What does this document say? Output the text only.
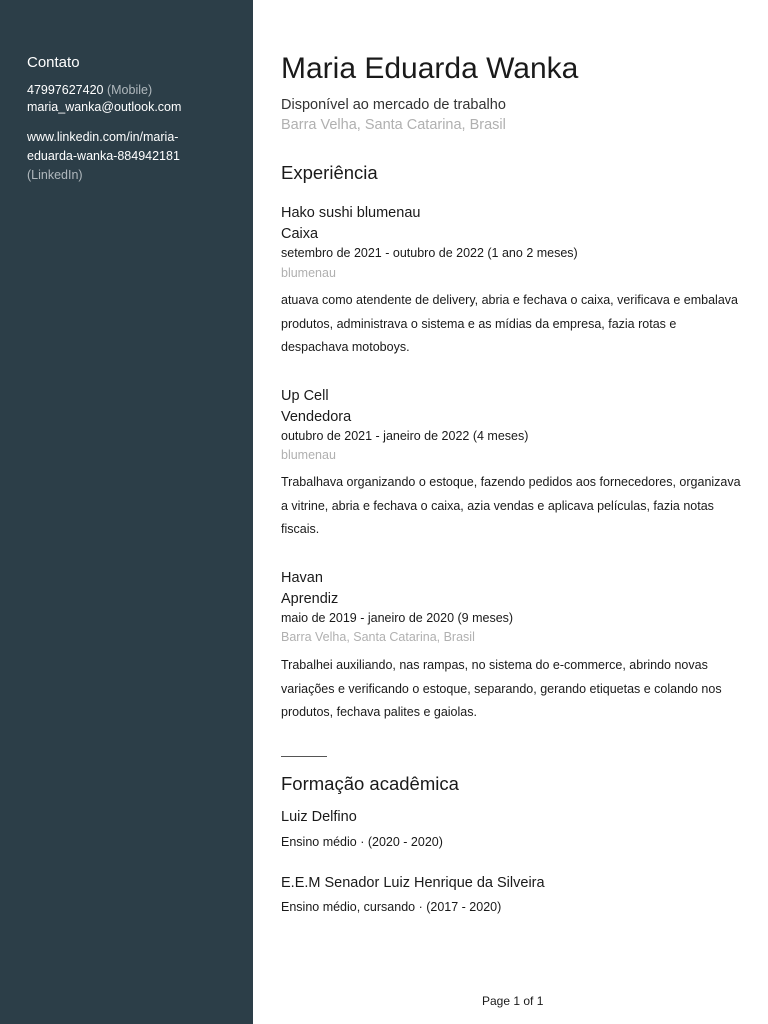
Contato
47997627420 (Mobile)
maria_wanka@outlook.com
www.linkedin.com/in/maria-
eduarda-wanka-884942181
(LinkedIn)
Maria Eduarda Wanka
Disponível ao mercado de trabalho
Barra Velha, Santa Catarina, Brasil
Experiência
Hako sushi blumenau
Caixa
setembro de 2021 - outubro de 2022 (1 ano 2 meses)
blumenau
atuava como atendente de delivery, abria e fechava o caixa, verificava e embalava produtos, administrava o sistema e as mídias da empresa, fazia rotas e despachava motoboys.
Up Cell
Vendedora
outubro de 2021 - janeiro de 2022 (4 meses)
blumenau
Trabalhava organizando o estoque, fazendo pedidos aos fornecedores, organizava a vitrine, abria e fechava o caixa, azia vendas e aplicava películas, fazia notas fiscais.
Havan
Aprendiz
maio de 2019 - janeiro de 2020 (9 meses)
Barra Velha, Santa Catarina, Brasil
Trabalhei auxiliando, nas rampas, no sistema do e-commerce, abrindo novas variações e verificando o estoque, separando, gerando etiquetas e colando nos produtos, fechava palites e gaiolas.
Formação acadêmica
Luiz Delfino
Ensino médio · (2020 - 2020)
E.E.M Senador Luiz Henrique da Silveira
Ensino médio, cursando · (2017 - 2020)
Page 1 of 1
